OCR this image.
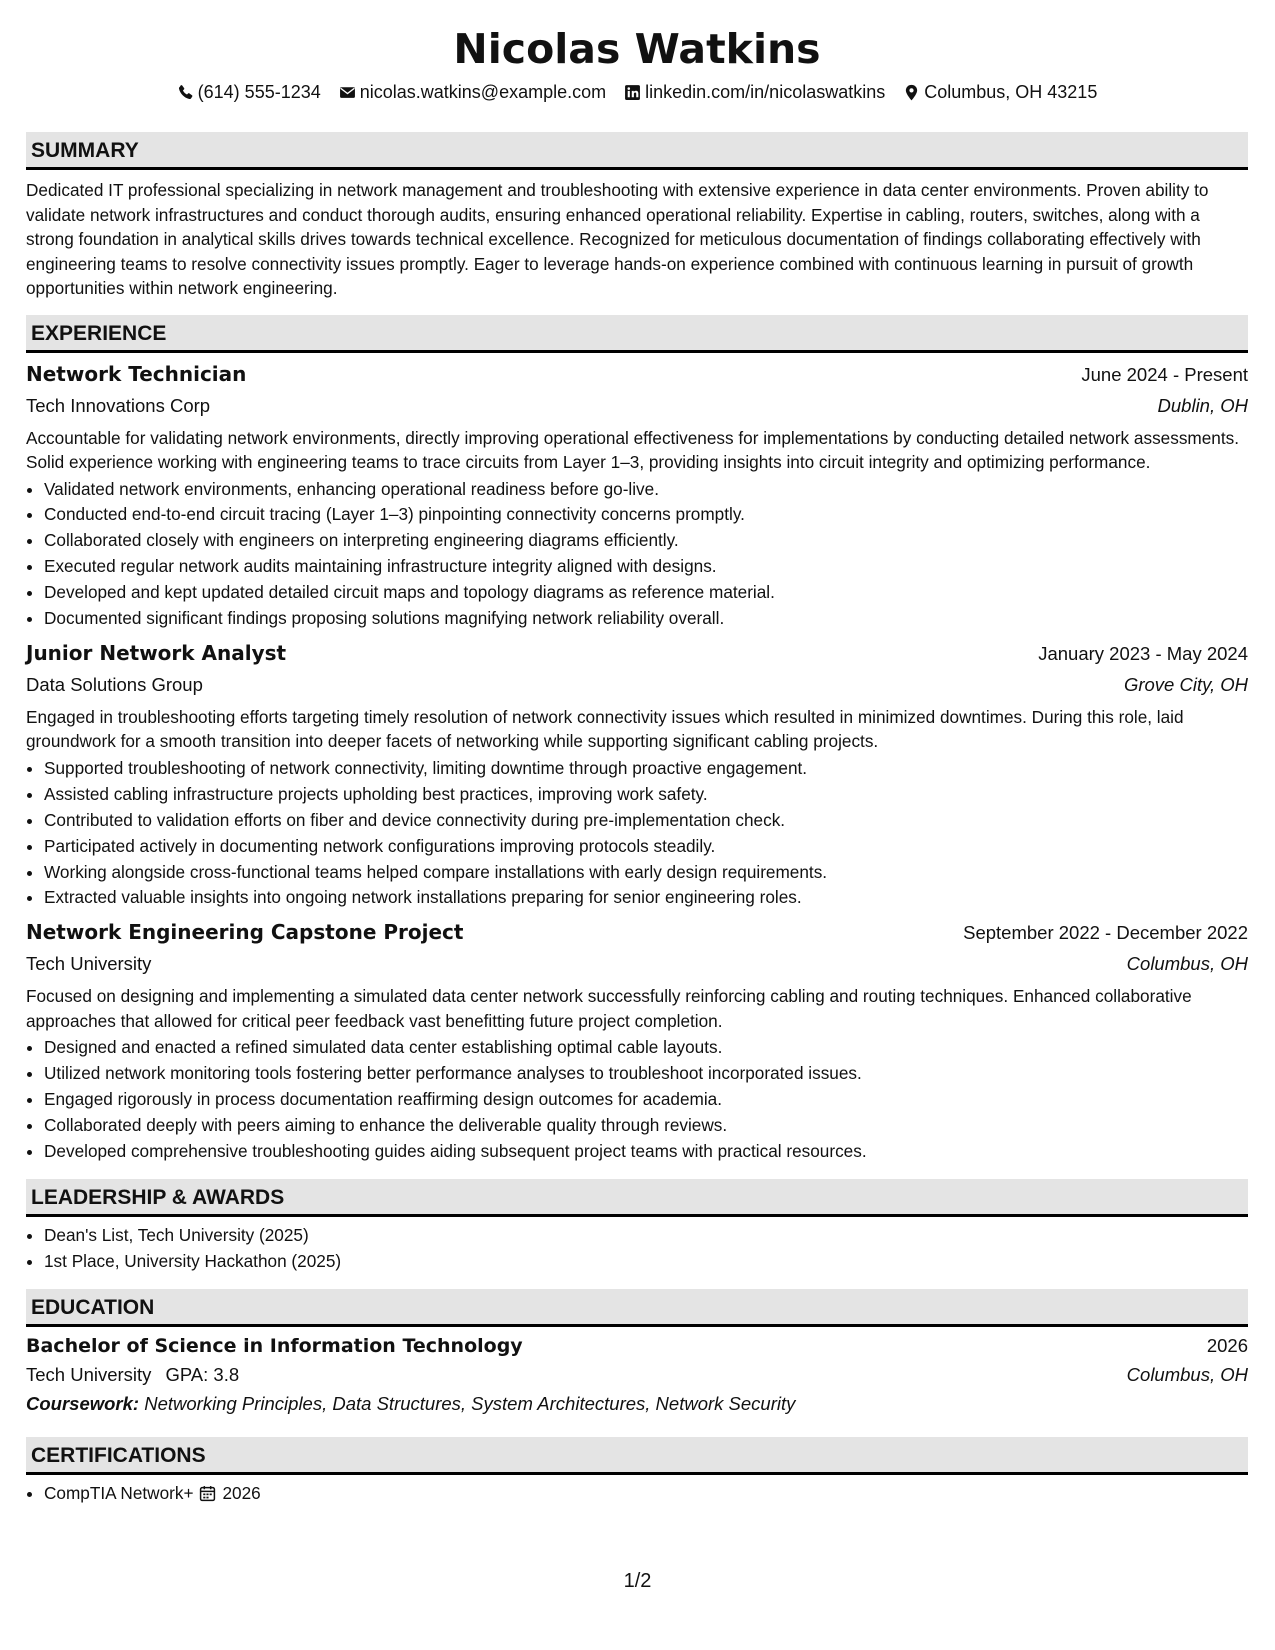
Nicolas Watkins
(614) 555-1234 nicolas.watkins@example.com linkedin.com/in/nicolaswatkins Columbus, OH 43215
SUMMARY
Dedicated IT professional specializing in network management and troubleshooting with extensive experience in data center environments. Proven ability to validate network infrastructures and conduct thorough audits, ensuring enhanced operational reliability. Expertise in cabling, routers, switches, along with a strong foundation in analytical skills drives towards technical excellence. Recognized for meticulous documentation of findings collaborating effectively with engineering teams to resolve connectivity issues promptly. Eager to leverage hands-on experience combined with continuous learning in pursuit of growth opportunities within network engineering.
EXPERIENCE
Network Technician	June 2024 - Present
Tech Innovations Corp	Dublin, OH
Accountable for validating network environments, directly improving operational effectiveness for implementations by conducting detailed network assessments. Solid experience working with engineering teams to trace circuits from Layer 1–3, providing insights into circuit integrity and optimizing performance.
• Validated network environments, enhancing operational readiness before go-live.
• Conducted end-to-end circuit tracing (Layer 1–3) pinpointing connectivity concerns promptly.
• Collaborated closely with engineers on interpreting engineering diagrams efficiently.
• Executed regular network audits maintaining infrastructure integrity aligned with designs.
• Developed and kept updated detailed circuit maps and topology diagrams as reference material.
• Documented significant findings proposing solutions magnifying network reliability overall.
Junior Network Analyst	January 2023 - May 2024
Data Solutions Group	Grove City, OH
Engaged in troubleshooting efforts targeting timely resolution of network connectivity issues which resulted in minimized downtimes. During this role, laid groundwork for a smooth transition into deeper facets of networking while supporting significant cabling projects.
• Supported troubleshooting of network connectivity, limiting downtime through proactive engagement.
• Assisted cabling infrastructure projects upholding best practices, improving work safety.
• Contributed to validation efforts on fiber and device connectivity during pre-implementation check.
• Participated actively in documenting network configurations improving protocols steadily.
• Working alongside cross-functional teams helped compare installations with early design requirements.
• Extracted valuable insights into ongoing network installations preparing for senior engineering roles.
Network Engineering Capstone Project	September 2022 - December 2022
Tech University	Columbus, OH
Focused on designing and implementing a simulated data center network successfully reinforcing cabling and routing techniques. Enhanced collaborative approaches that allowed for critical peer feedback vast benefitting future project completion.
• Designed and enacted a refined simulated data center establishing optimal cable layouts.
• Utilized network monitoring tools fostering better performance analyses to troubleshoot incorporated issues.
• Engaged rigorously in process documentation reaffirming design outcomes for academia.
• Collaborated deeply with peers aiming to enhance the deliverable quality through reviews.
• Developed comprehensive troubleshooting guides aiding subsequent project teams with practical resources.
LEADERSHIP & AWARDS
• Dean's List, Tech University (2025)
• 1st Place, University Hackathon (2025)
EDUCATION
Bachelor of Science in Information Technology	2026
Tech University GPA: 3.8	Columbus, OH
Coursework: Networking Principles, Data Structures, System Architectures, Network Security
CERTIFICATIONS
• CompTIA Network+ 2026
1/2
